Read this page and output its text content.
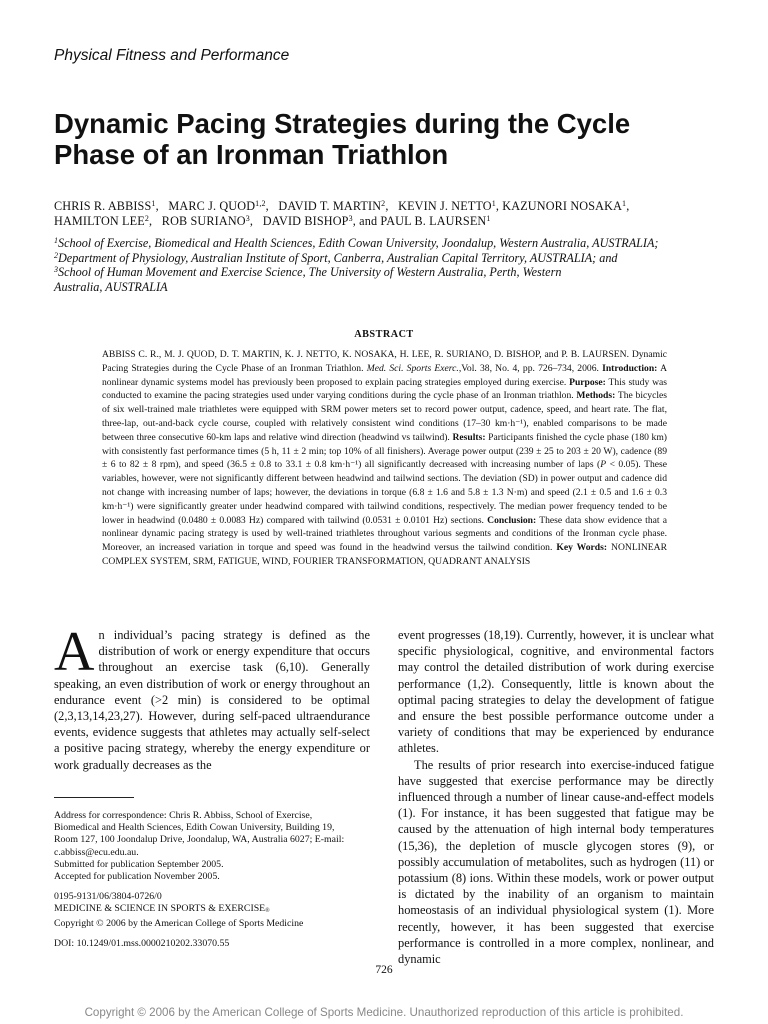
Physical Fitness and Performance
Dynamic Pacing Strategies during the Cycle
Phase of an Ironman Triathlon
CHRIS R. ABBISS$^1$,   MARC J. QUOD$^{1,2}$,   DAVID T. MARTIN$^2$,   KEVIN J. NETTO$^1$, KAZUNORI NOSAKA$^1$,
HAMILTON LEE$^2$,   ROB SURIANO$^3$,   DAVID BISHOP$^3$, and PAUL B. LAURSEN$^1$
$^1$School of Exercise, Biomedical and Health Sciences, Edith Cowan University, Joondalup, Western Australia, AUSTRALIA;
$^2$Department of Physiology, Australian Institute of Sport, Canberra, Australian Capital Territory, AUSTRALIA; and
$^3$School of Human Movement and Exercise Science, The University of Western Australia, Perth, Western
Australia, AUSTRALIA
ABSTRACT
ABBISS C. R., M. J. QUOD, D. T. MARTIN, K. J. NETTO, K. NOSAKA, H. LEE, R. SURIANO, D. BISHOP, and P. B. LAURSEN. Dynamic Pacing Strategies during the Cycle Phase of an Ironman Triathlon. Med. Sci. Sports Exerc.,Vol. 38, No. 4, pp. 726–734, 2006. Introduction: A nonlinear dynamic systems model has previously been proposed to explain pacing strategies employed during exercise. Purpose: This study was conducted to examine the pacing strategies used under varying conditions during the cycle phase of an Ironman triathlon. Methods: The bicycles of six well-trained male triathletes were equipped with SRM power meters set to record power output, cadence, speed, and heart rate. The flat, three-lap, out-and-back cycle course, coupled with relatively consistent wind conditions (17–30 km·h⁻¹), enabled comparisons to be made between three consecutive 60-km laps and relative wind direction (headwind vs tailwind). Results: Participants finished the cycle phase (180 km) with consistently fast performance times (5 h, 11 ± 2 min; top 10% of all finishers). Average power output (239 ± 25 to 203 ± 20 W), cadence (89 ± 6 to 82 ± 8 rpm), and speed (36.5 ± 0.8 to 33.1 ± 0.8 km·h⁻¹) all significantly decreased with increasing number of laps (P < 0.05). These variables, however, were not significantly different between headwind and tailwind sections. The deviation (SD) in power output and cadence did not change with increasing number of laps; however, the deviations in torque (6.8 ± 1.6 and 5.8 ± 1.3 N·m) and speed (2.1 ± 0.5 and 1.6 ± 0.3 km·h⁻¹) were significantly greater under headwind compared with tailwind conditions, respectively. The median power frequency tended to be lower in headwind (0.0480 ± 0.0083 Hz) compared with tailwind (0.0531 ± 0.0101 Hz) sections. Conclusion: These data show evidence that a nonlinear dynamic pacing strategy is used by well-trained triathletes throughout various segments and conditions of the Ironman cycle phase. Moreover, an increased variation in torque and speed was found in the headwind versus the tailwind condition. Key Words: NONLINEAR COMPLEX SYSTEM, SRM, FATIGUE, WIND, FOURIER TRANSFORMATION, QUADRANT ANALYSIS
A n individual’s pacing strategy is defined as the distribution of work or energy expenditure that occurs throughout an exercise task (6,10). Generally speaking, an even distribution of work or energy throughout an endurance event (>2 min) is considered to be optimal (2,3,13,14,23,27). However, during self-paced ultraendurance events, evidence suggests that athletes may actually self-select a positive pacing strategy, whereby the energy expenditure or work gradually decreases as the

event progresses (18,19). Currently, however, it is unclear what specific physiological, cognitive, and environmental factors may control the detailed distribution of work during exercise performance (1,2). Consequently, little is known about the optimal pacing strategies to delay the development of fatigue and ensure the best possible performance outcome under a variety of conditions that may be experienced by endurance athletes.

The results of prior research into exercise-induced fatigue have suggested that exercise performance may be directly influenced through a number of linear cause-and-effect models (1). For instance, it has been suggested that fatigue may be caused by the attenuation of high internal body temperatures (15,36), the depletion of muscle glycogen stores (9), or possibly accumulation of metabolites, such as hydrogen (11) or potassium (8) ions. Within these models, work or power output is dictated by the inability of an organism to maintain homeostasis of an individual physiological system (1). More recently, however, it has been suggested that exercise performance is controlled in a more complex, nonlinear, and dynamic

Address for correspondence: Chris R. Abbiss, School of Exercise,
Biomedical and Health Sciences, Edith Cowan University, Building 19,
Room 127, 100 Joondalup Drive, Joondalup, WA, Australia 6027; E-mail:
c.abbiss@ecu.edu.au.
Submitted for publication September 2005.
Accepted for publication November 2005.
0195-9131/06/3804-0726/0
MEDICINE & SCIENCE IN SPORTS & $EXERCISE_®$
Copyright © 2006 by the American College of Sports Medicine
DOI: 10.1249/01.mss.0000210202.33070.55
726
Copyright © 2006 by the American College of Sports Medicine. Unauthorized reproduction of this article is prohibited.
